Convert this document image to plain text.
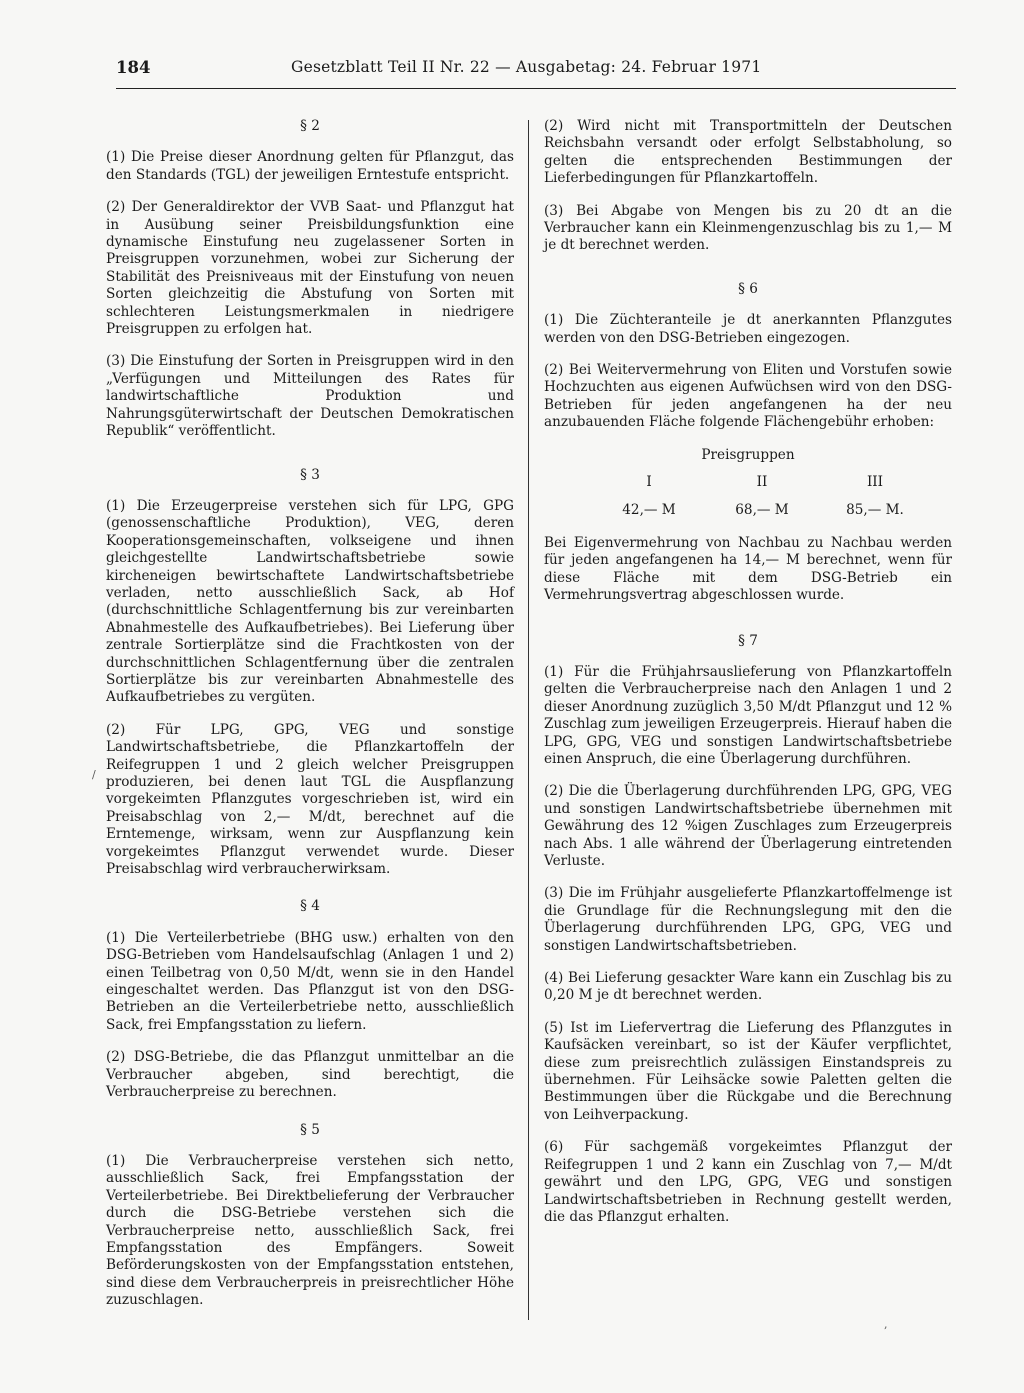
184	Gesetzblatt Teil II Nr. 22 — Ausgabetag: 24. Februar 1971
§ 2

(1) Die Preise dieser Anordnung gelten für Pflanzgut, das den Standards (TGL) der jeweiligen Erntestufe entspricht.

(2) Der Generaldirektor der VVB Saat- und Pflanzgut hat in Ausübung seiner Preisbildungsfunktion eine dynamische Einstufung neu zugelassener Sorten in Preisgruppen vorzunehmen, wobei zur Sicherung der Stabilität des Preisniveaus mit der Einstufung von neuen Sorten gleichzeitig die Abstufung von Sorten mit schlechteren Leistungsmerkmalen in niedrigere Preisgruppen zu erfolgen hat.

(3) Die Einstufung der Sorten in Preisgruppen wird in den „Verfügungen und Mitteilungen des Rates für landwirtschaftliche Produktion und Nahrungsgüterwirtschaft der Deutschen Demokratischen Republik“ veröffentlicht.

§ 3

(1) Die Erzeugerpreise verstehen sich für LPG, GPG (genossenschaftliche Produktion), VEG, deren Kooperationsgemeinschaften, volkseigene und ihnen gleichgestellte Landwirtschaftsbetriebe sowie kircheneigen bewirtschaftete Landwirtschaftsbetriebe verladen, netto ausschließlich Sack, ab Hof (durchschnittliche Schlagentfernung bis zur vereinbarten Abnahmestelle des Aufkaufbetriebes). Bei Lieferung über zentrale Sortierplätze sind die Frachtkosten von der durchschnittlichen Schlagentfernung über die zentralen Sortierplätze bis zur vereinbarten Abnahmestelle des Aufkaufbetriebes zu vergüten.

(2) Für LPG, GPG, VEG und sonstige Landwirtschaftsbetriebe, die Pflanzkartoffeln der Reifegruppen 1 und 2 gleich welcher Preisgruppen produzieren, bei denen laut TGL die Auspflanzung vorgekeimten Pflanzgutes vorgeschrieben ist, wird ein Preisabschlag von 2,— M/dt, berechnet auf die Erntemenge, wirksam, wenn zur Auspflanzung kein vorgekeimtes Pflanzgut verwendet wurde. Dieser Preisabschlag wird verbraucherwirksam.

§ 4

(1) Die Verteilerbetriebe (BHG usw.) erhalten von den DSG-Betrieben vom Handelsaufschlag (Anlagen 1 und 2) einen Teilbetrag von 0,50 M/dt, wenn sie in den Handel eingeschaltet werden. Das Pflanzgut ist von den DSG-Betrieben an die Verteilerbetriebe netto, ausschließlich Sack, frei Empfangsstation zu liefern.

(2) DSG-Betriebe, die das Pflanzgut unmittelbar an die Verbraucher abgeben, sind berechtigt, die Verbraucherpreise zu berechnen.

§ 5

(1) Die Verbraucherpreise verstehen sich netto, ausschließlich Sack, frei Empfangsstation der Verteilerbetriebe. Bei Direktbelieferung der Verbraucher durch die DSG-Betriebe verstehen sich die Verbraucherpreise netto, ausschließlich Sack, frei Empfangsstation des Empfängers. Soweit Beförderungskosten von der Empfangsstation entstehen, sind diese dem Verbraucherpreis in preisrechtlicher Höhe zuzuschlagen.

(2) Wird nicht mit Transportmitteln der Deutschen Reichsbahn versandt oder erfolgt Selbstabholung, so gelten die entsprechenden Bestimmungen der Lieferbedingungen für Pflanzkartoffeln.

(3) Bei Abgabe von Mengen bis zu 20 dt an die Verbraucher kann ein Kleinmengenzuschlag bis zu 1,— M je dt berechnet werden.

§ 6

(1) Die Züchteranteile je dt anerkannten Pflanzgutes werden von den DSG-Betrieben eingezogen.

(2) Bei Weitervermehrung von Eliten und Vorstufen sowie Hochzuchten aus eigenen Aufwüchsen wird von den DSG-Betrieben für jeden angefangenen ha der neu anzubauenden Fläche folgende Flächengebühr erhoben:

Preisgruppen
I	II	III
42,— M	68,— M	85,— M.

Bei Eigenvermehrung von Nachbau zu Nachbau werden für jeden angefangenen ha 14,— M berechnet, wenn für diese Fläche mit dem DSG-Betrieb ein Vermehrungsvertrag abgeschlossen wurde.

§ 7

(1) Für die Frühjahrsauslieferung von Pflanzkartoffeln gelten die Verbraucherpreise nach den Anlagen 1 und 2 dieser Anordnung zuzüglich 3,50 M/dt Pflanzgut und 12 % Zuschlag zum jeweiligen Erzeugerpreis. Hierauf haben die LPG, GPG, VEG und sonstigen Landwirtschaftsbetriebe einen Anspruch, die eine Überlagerung durchführen.

(2) Die die Überlagerung durchführenden LPG, GPG, VEG und sonstigen Landwirtschaftsbetriebe übernehmen mit Gewährung des 12 %igen Zuschlages zum Erzeugerpreis nach Abs. 1 alle während der Überlagerung eintretenden Verluste.

(3) Die im Frühjahr ausgelieferte Pflanzkartoffelmenge ist die Grundlage für die Rechnungslegung mit den die Überlagerung durchführenden LPG, GPG, VEG und sonstigen Landwirtschaftsbetrieben.

(4) Bei Lieferung gesackter Ware kann ein Zuschlag bis zu 0,20 M je dt berechnet werden.

(5) Ist im Liefervertrag die Lieferung des Pflanzgutes in Kaufsäcken vereinbart, so ist der Käufer verpflichtet, diese zum preisrechtlich zulässigen Einstandspreis zu übernehmen. Für Leihsäcke sowie Paletten gelten die Bestimmungen über die Rückgabe und die Berechnung von Leihverpackung.

(6) Für sachgemäß vorgekeimtes Pflanzgut der Reifegruppen 1 und 2 kann ein Zuschlag von 7,— M/dt gewährt und den LPG, GPG, VEG und sonstigen Landwirtschaftsbetrieben in Rechnung gestellt werden, die das Pflanzgut erhalten.

/
,
